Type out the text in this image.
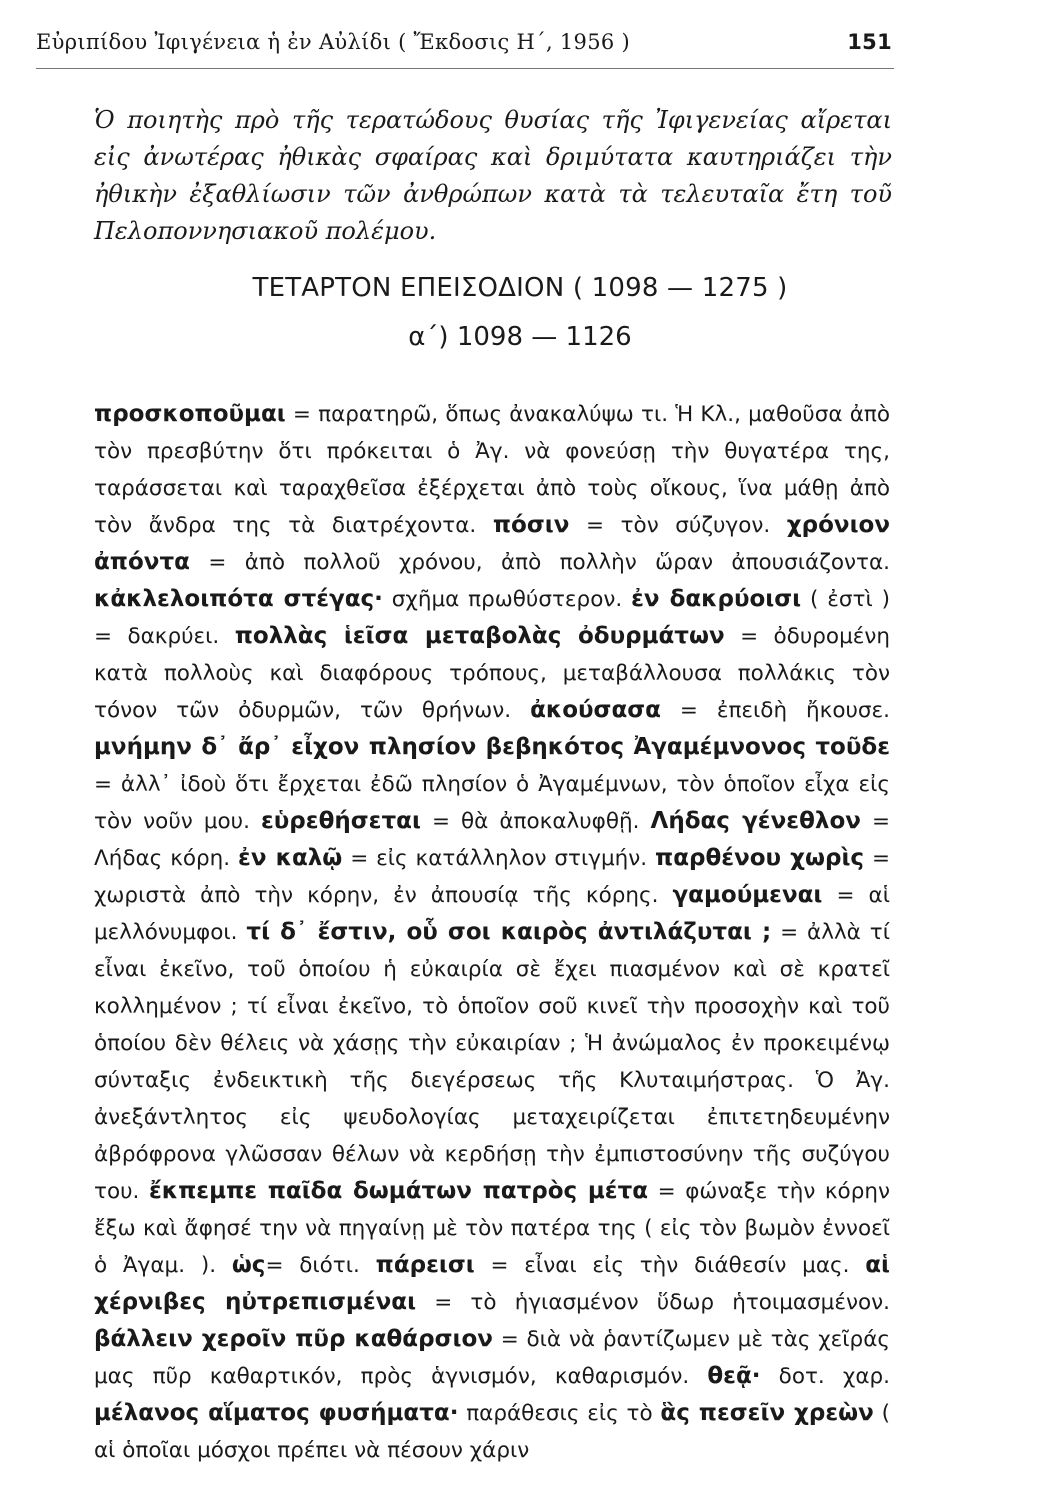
Εὐριπίδου Ἰφιγένεια ἡ ἐν Αὐλίδι ( Ἔκδοσις Η΄, 1956 )	151

Ὁ ποιητὴς πρὸ τῆς τερατώδους θυσίας τῆς Ἰφιγενείας αἴρεται εἰς ἀνωτέρας ἠθικὰς σφαίρας καὶ δριμύτατα καυτηριάζει τὴν ἠθικὴν ἐξαθλίωσιν τῶν ἀνθρώπων κατὰ τὰ τελευταῖα ἔτη τοῦ Πελοποννησιακοῦ πολέμου.

ΤΕΤΑΡΤΟΝ ΕΠΕΙΣΟΔΙΟΝ ( 1098 — 1275 )
α΄) 1098 — 1126

προσκοποῦμαι = παρατηρῶ, ὅπως ἀνακαλύψω τι. Ἡ Κλ., μαθοῦσα ἀπὸ τὸν πρεσβύτην ὅτι πρόκειται ὁ Ἀγ. νὰ φονεύσῃ τὴν θυγατέρα της, ταράσσεται καὶ ταραχθεῖσα ἐξέρχεται ἀπὸ τοὺς οἴκους, ἵνα μάθῃ ἀπὸ τὸν ἄνδρα της τὰ διατρέχοντα. πόσιν = τὸν σύζυγον. χρόνιον ἀπόντα = ἀπὸ πολλοῦ χρόνου, ἀπὸ πολλὴν ὥραν ἀπουσιάζοντα. κἀκλελοιπότα στέγας· σχῆμα πρωθύστερον. ἐν δακρύοισι ( ἐστὶ ) = δακρύει. πολλὰς ἱεῖσα μεταβολὰς ὀδυρμάτων = ὀδυρομένη κατὰ πολλοὺς καὶ διαφόρους τρόπους, μεταβάλλουσα πολλάκις τὸν τόνον τῶν ὀδυρμῶν, τῶν θρήνων. ἀκούσασα = ἐπειδὴ ἤκουσε. μνήμην δ᾽ ἄρ᾽ εἶχον πλησίον βεβηκότος Ἀγαμέμνονος τοῦδε = ἀλλ᾽ ἰδοὺ ὅτι ἔρχεται ἐδῶ πλησίον ὁ Ἀγαμέμνων, τὸν ὁποῖον εἶχα εἰς τὸν νοῦν μου. εὑρεθήσεται = θὰ ἀποκαλυφθῇ. Λήδας γένεθλον = Λήδας κόρη. ἐν καλῷ = εἰς κατάλληλον στιγμήν. παρθένου χωρὶς = χωριστὰ ἀπὸ τὴν κόρην, ἐν ἀπουσίᾳ τῆς κόρης. γαμούμεναι = αἱ μελλόνυμφοι. τί δ᾽ ἔστιν, οὗ σοι καιρὸς ἀντιλάζυται ; = ἀλλὰ τί εἶναι ἐκεῖνο, τοῦ ὁποίου ἡ εὐκαιρία σὲ ἔχει πιασμένον καὶ σὲ κρατεῖ κολλημένον ; τί εἶναι ἐκεῖνο, τὸ ὁποῖον σοῦ κινεῖ τὴν προσοχὴν καὶ τοῦ ὁποίου δὲν θέλεις νὰ χάσῃς τὴν εὐκαιρίαν ; Ἡ ἀνώμαλος ἐν προκειμένῳ σύνταξις ἐνδεικτικὴ τῆς διεγέρσεως τῆς Κλυταιμήστρας. Ὁ Ἀγ. ἀνεξάντλητος εἰς ψευδολογίας μεταχειρίζεται ἐπιτετηδευμένην ἀβρόφρονα γλῶσσαν θέλων νὰ κερδήσῃ τὴν ἐμπιστοσύνην τῆς συζύγου του. ἔκπεμπε παῖδα δωμάτων πατρὸς μέτα = φώναξε τὴν κόρην ἔξω καὶ ἄφησέ την νὰ πηγαίνῃ μὲ τὸν πατέρα της ( εἰς τὸν βωμὸν ἐννοεῖ ὁ Ἀγαμ. ). ὡς= διότι. πάρεισι = εἶναι εἰς τὴν διάθεσίν μας. αἱ χέρνιβες ηὐτρεπισμέναι = τὸ ἡγιασμένον ὕδωρ ἡτοιμασμένον. βάλλειν χεροῖν πῦρ καθάρσιον = διὰ νὰ ῥαντίζωμεν μὲ τὰς χεῖράς μας πῦρ καθαρτικόν, πρὸς ἁγνισμόν, καθαρισμόν. θεᾷ· δοτ. χαρ. μέλανος αἵματος φυσήματα· παράθεσις εἰς τὸ ἃς πεσεῖν χρεὼν ( αἱ ὁποῖαι μόσχοι πρέπει νὰ πέσουν χάριν
